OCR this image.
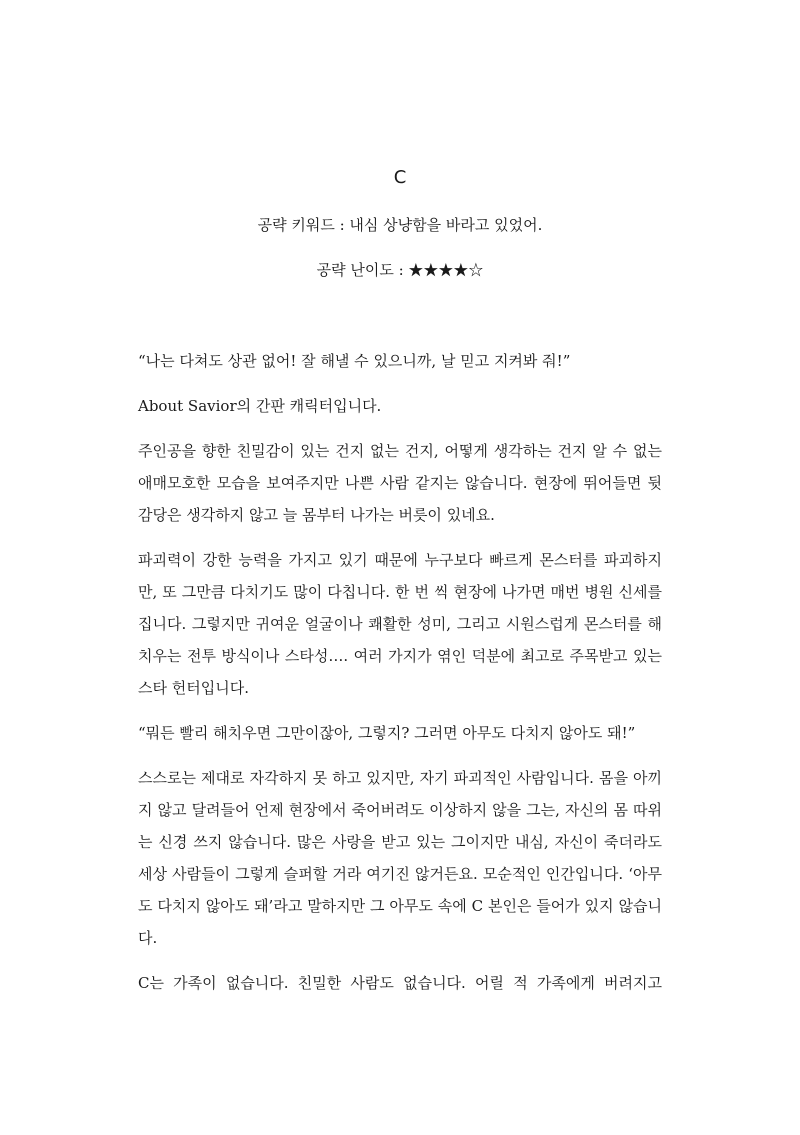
C
공략 키워드 : 내심 상냥함을 바라고 있었어.
공략 난이도 : ★★★★☆

“나는 다쳐도 상관 없어! 잘 해낼 수 있으니까, 날 믿고 지켜봐 줘!”

About Savior의 간판 캐릭터입니다.

주인공을 향한 친밀감이 있는 건지 없는 건지, 어떻게 생각하는 건지 알 수 없는 애매모호한 모습을 보여주지만 나쁜 사람 같지는 않습니다. 현장에 뛰어들면 뒷감당은 생각하지 않고 늘 몸부터 나가는 버릇이 있네요.

파괴력이 강한 능력을 가지고 있기 때문에 누구보다 빠르게 몬스터를 파괴하지만, 또 그만큼 다치기도 많이 다칩니다. 한 번 씩 현장에 나가면 매번 병원 신세를 집니다. 그렇지만 귀여운 얼굴이나 쾌활한 성미, 그리고 시원스럽게 몬스터를 해치우는 전투 방식이나 스타성…. 여러 가지가 엮인 덕분에 최고로 주목받고 있는 스타 헌터입니다.

“뭐든 빨리 해치우면 그만이잖아, 그렇지? 그러면 아무도 다치지 않아도 돼!”

스스로는 제대로 자각하지 못 하고 있지만, 자기 파괴적인 사람입니다. 몸을 아끼지 않고 달려들어 언제 현장에서 죽어버려도 이상하지 않을 그는, 자신의 몸 따위는 신경 쓰지 않습니다. 많은 사랑을 받고 있는 그이지만 내심, 자신이 죽더라도 세상 사람들이 그렇게 슬퍼할 거라 여기진 않거든요. 모순적인 인간입니다. ‘아무도 다치지 않아도 돼’라고 말하지만 그 아무도 속에 C 본인은 들어가 있지 않습니다.

C는 가족이 없습니다. 친밀한 사람도 없습니다. 어릴 적 가족에게 버려지고
